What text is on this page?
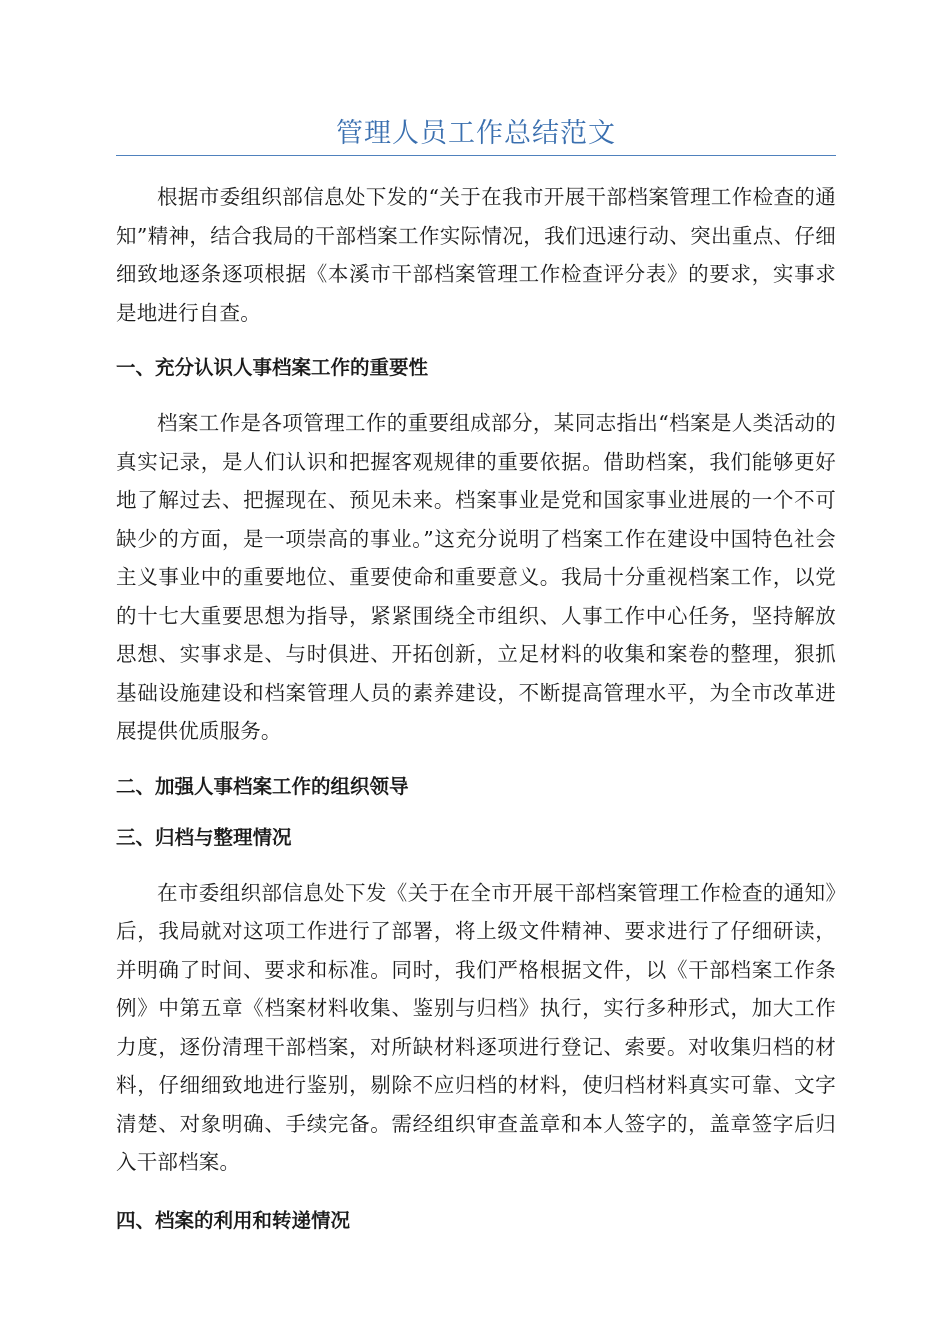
管理人员工作总结范文

根据市委组织部信息处下发的“关于在我市开展干部档案管理工作检查的通知”精神，结合我局的干部档案工作实际情况，我们迅速行动、突出重点、仔细细致地逐条逐项根据《本溪市干部档案管理工作检查评分表》的要求，实事求是地进行自查。

一、充分认识人事档案工作的重要性

档案工作是各项管理工作的重要组成部分，某同志指出“档案是人类活动的真实记录，是人们认识和把握客观规律的重要依据。借助档案，我们能够更好地了解过去、把握现在、预见未来。档案事业是党和国家事业进展的一个不可缺少的方面，是一项崇高的事业。”这充分说明了档案工作在建设中国特色社会主义事业中的重要地位、重要使命和重要意义。我局十分重视档案工作，以党的十七大重要思想为指导，紧紧围绕全市组织、人事工作中心任务，坚持解放思想、实事求是、与时俱进、开拓创新，立足材料的收集和案卷的整理，狠抓基础设施建设和档案管理人员的素养建设，不断提高管理水平，为全市改革进展提供优质服务。

二、加强人事档案工作的组织领导
三、归档与整理情况

在市委组织部信息处下发《关于在全市开展干部档案管理工作检查的通知》后，我局就对这项工作进行了部署，将上级文件精神、要求进行了仔细研读，并明确了时间、要求和标准。同时，我们严格根据文件，以《干部档案工作条例》中第五章《档案材料收集、鉴别与归档》执行，实行多种形式，加大工作力度，逐份清理干部档案，对所缺材料逐项进行登记、索要。对收集归档的材料，仔细细致地进行鉴别，剔除不应归档的材料，使归档材料真实可靠、文字清楚、对象明确、手续完备。需经组织审查盖章和本人签字的，盖章签字后归入干部档案。

四、档案的利用和转递情况
